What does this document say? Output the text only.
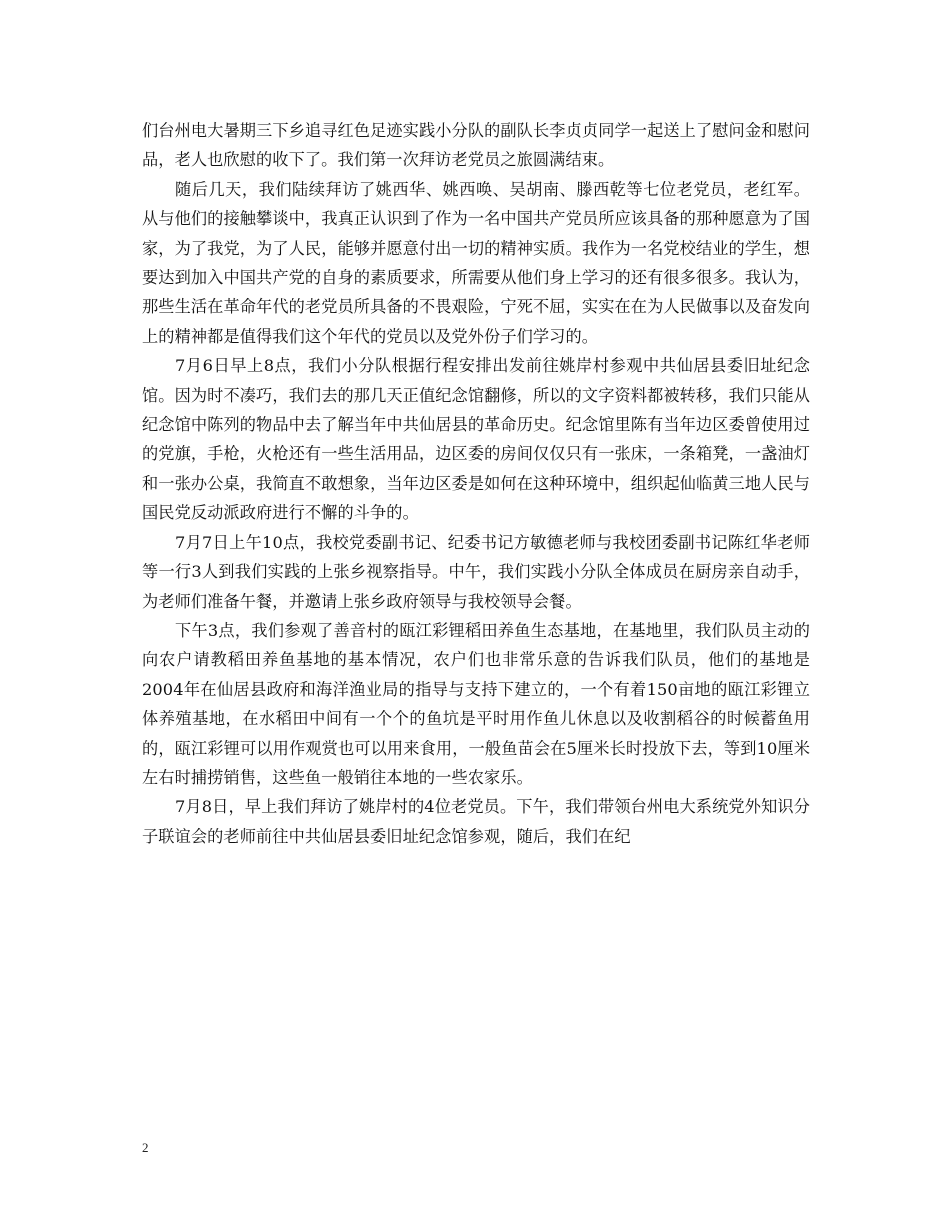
们台州电大暑期三下乡追寻红色足迹实践小分队的副队长李贞贞同学一起送上了慰问金和慰问品，老人也欣慰的收下了。我们第一次拜访老党员之旅圆满结束。

随后几天，我们陆续拜访了姚西华、姚西唤、吴胡南、滕西乾等七位老党员，老红军。从与他们的接触攀谈中，我真正认识到了作为一名中国共产党员所应该具备的那种愿意为了国家，为了我党，为了人民，能够并愿意付出一切的精神实质。我作为一名党校结业的学生，想要达到加入中国共产党的自身的素质要求，所需要从他们身上学习的还有很多很多。我认为，那些生活在革命年代的老党员所具备的不畏艰险，宁死不屈，实实在在为人民做事以及奋发向上的精神都是值得我们这个年代的党员以及党外份子们学习的。

7月6日早上8点，我们小分队根据行程安排出发前往姚岸村参观中共仙居县委旧址纪念馆。因为时不凑巧，我们去的那几天正值纪念馆翻修，所以的文字资料都被转移，我们只能从纪念馆中陈列的物品中去了解当年中共仙居县的革命历史。纪念馆里陈有当年边区委曾使用过的党旗，手枪，火枪还有一些生活用品，边区委的房间仅仅只有一张床，一条箱凳，一盏油灯和一张办公桌，我简直不敢想象，当年边区委是如何在这种环境中，组织起仙临黄三地人民与国民党反动派政府进行不懈的斗争的。

7月7日上午10点，我校党委副书记、纪委书记方敏德老师与我校团委副书记陈红华老师等一行3人到我们实践的上张乡视察指导。中午，我们实践小分队全体成员在厨房亲自动手，为老师们准备午餐，并邀请上张乡政府领导与我校领导会餐。

下午3点，我们参观了善音村的瓯江彩锂稻田养鱼生态基地，在基地里，我们队员主动的向农户请教稻田养鱼基地的基本情况，农户们也非常乐意的告诉我们队员，他们的基地是2004年在仙居县政府和海洋渔业局的指导与支持下建立的，一个有着150亩地的瓯江彩锂立体养殖基地，在水稻田中间有一个个的鱼坑是平时用作鱼儿休息以及收割稻谷的时候蓄鱼用的，瓯江彩锂可以用作观赏也可以用来食用，一般鱼苗会在5厘米长时投放下去，等到10厘米左右时捕捞销售，这些鱼一般销往本地的一些农家乐。

7月8日，早上我们拜访了姚岸村的4位老党员。下午，我们带领台州电大系统党外知识分子联谊会的老师前往中共仙居县委旧址纪念馆参观，随后，我们在纪

2
